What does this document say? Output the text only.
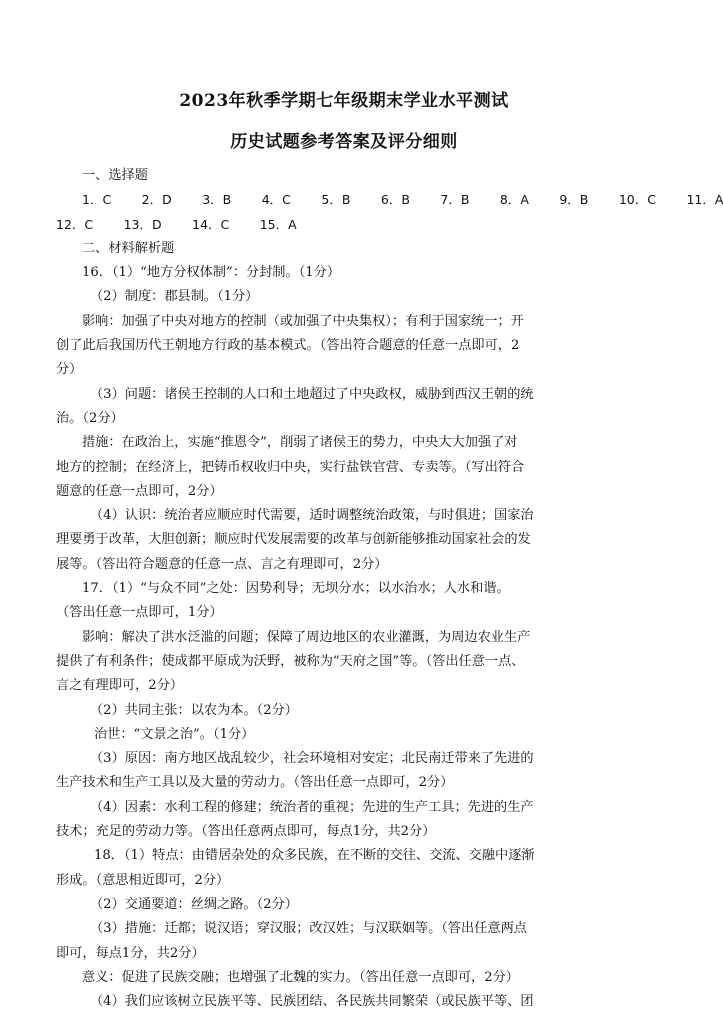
2023年秋季学期七年级期末学业水平测试
历史试题参考答案及评分细则
一、选择题
1．C　 2．D　 3．B　 4．C　 5．B　 6．B　 7．B　 8．A　 9．B　 10．C　 11．A
12．C　 13．D　 14．C　 15．A
二、材料解析题
16．（1）“地方分权体制”：分封制。（1分）
（2）制度：郡县制。（1分）
影响：加强了中央对地方的控制（或加强了中央集权）；有利于国家统一；开
创了此后我国历代王朝地方行政的基本模式。（答出符合题意的任意一点即可，2
分）
（3）问题：诸侯王控制的人口和土地超过了中央政权，威胁到西汉王朝的统
治。（2分）
措施：在政治上，实施“推恩令”，削弱了诸侯王的势力，中央大大加强了对
地方的控制；在经济上，把铸币权收归中央，实行盐铁官营、专卖等。（写出符合
题意的任意一点即可，2分）
（4）认识：统治者应顺应时代需要，适时调整统治政策，与时俱进；国家治
理要勇于改革，大胆创新；顺应时代发展需要的改革与创新能够推动国家社会的发
展等。（答出符合题意的任意一点、言之有理即可，2分）
17．（1）“与众不同”之处：因势利导；无坝分水；以水治水；人水和谐。
（答出任意一点即可，1分）
影响：解决了洪水泛滥的问题；保障了周边地区的农业灌溉，为周边农业生产
提供了有利条件；使成都平原成为沃野，被称为“天府之国”等。（答出任意一点、
言之有理即可，2分）
（2）共同主张：以农为本。（2分）
治世：“文景之治”。（1分）
（3）原因：南方地区战乱较少，社会环境相对安定；北民南迁带来了先进的
生产技术和生产工具以及大量的劳动力。（答出任意一点即可，2分）
（4）因素：水利工程的修建；统治者的重视；先进的生产工具；先进的生产
技术；充足的劳动力等。（答出任意两点即可，每点1分，共2分）
18．（1）特点：由错居杂处的众多民族，在不断的交往、交流、交融中逐渐
形成。（意思相近即可，2分）
（2）交通要道：丝绸之路。（2分）
（3）措施：迁都；说汉语；穿汉服；改汉姓；与汉联姻等。（答出任意两点
即可，每点1分，共2分）
意义：促进了民族交融；也增强了北魏的实力。（答出任意一点即可，2分）
（4）我们应该树立民族平等、民族团结、各民族共同繁荣（或民族平等、团
